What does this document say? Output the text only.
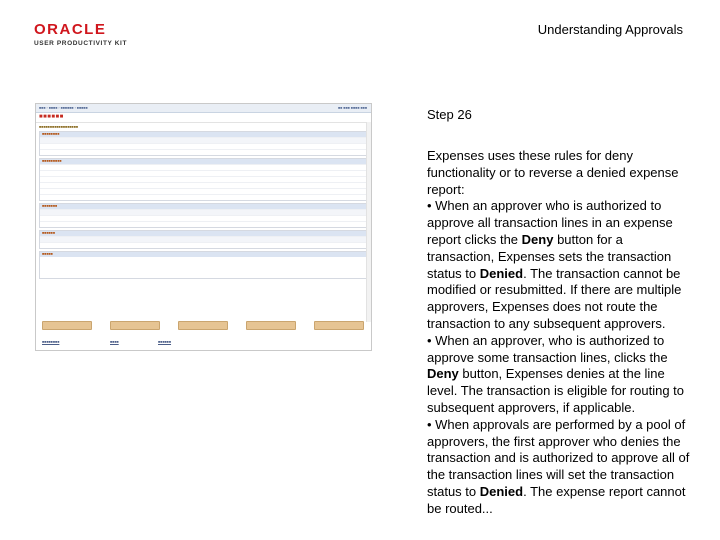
ORACLE
USER PRODUCTIVITY KIT
Understanding Approvals
■■■ › ■■■■ › ■■■■■■ › ■■■■■	■■ ■■■ ■■■■ ■■■
■■■■■■
■■■■■■■■■■■■■■■■■■
■■■■■■■■
■■■■■■■■■
■■■■■■■
■■■■■■
■■■■■
■■■■■■■■	■■■■	■■■■■■
Step 26

Expenses uses these rules for deny functionality or to reverse a denied expense report:

• When an approver who is authorized to approve all transaction lines in an expense report clicks the Deny button for a transaction, Expenses sets the transaction status to Denied. The transaction cannot be modified or resubmitted. If there are multiple approvers, Expenses does not route the transaction to any subsequent approvers.

• When an approver, who is authorized to approve some transaction lines, clicks the Deny button, Expenses denies at the line level. The transaction is eligible for routing to subsequent approvers, if applicable.

• When approvals are performed by a pool of approvers, the first approver who denies the transaction and is authorized to approve all of the transaction lines will set the transaction status to Denied. The expense report cannot be routed...
